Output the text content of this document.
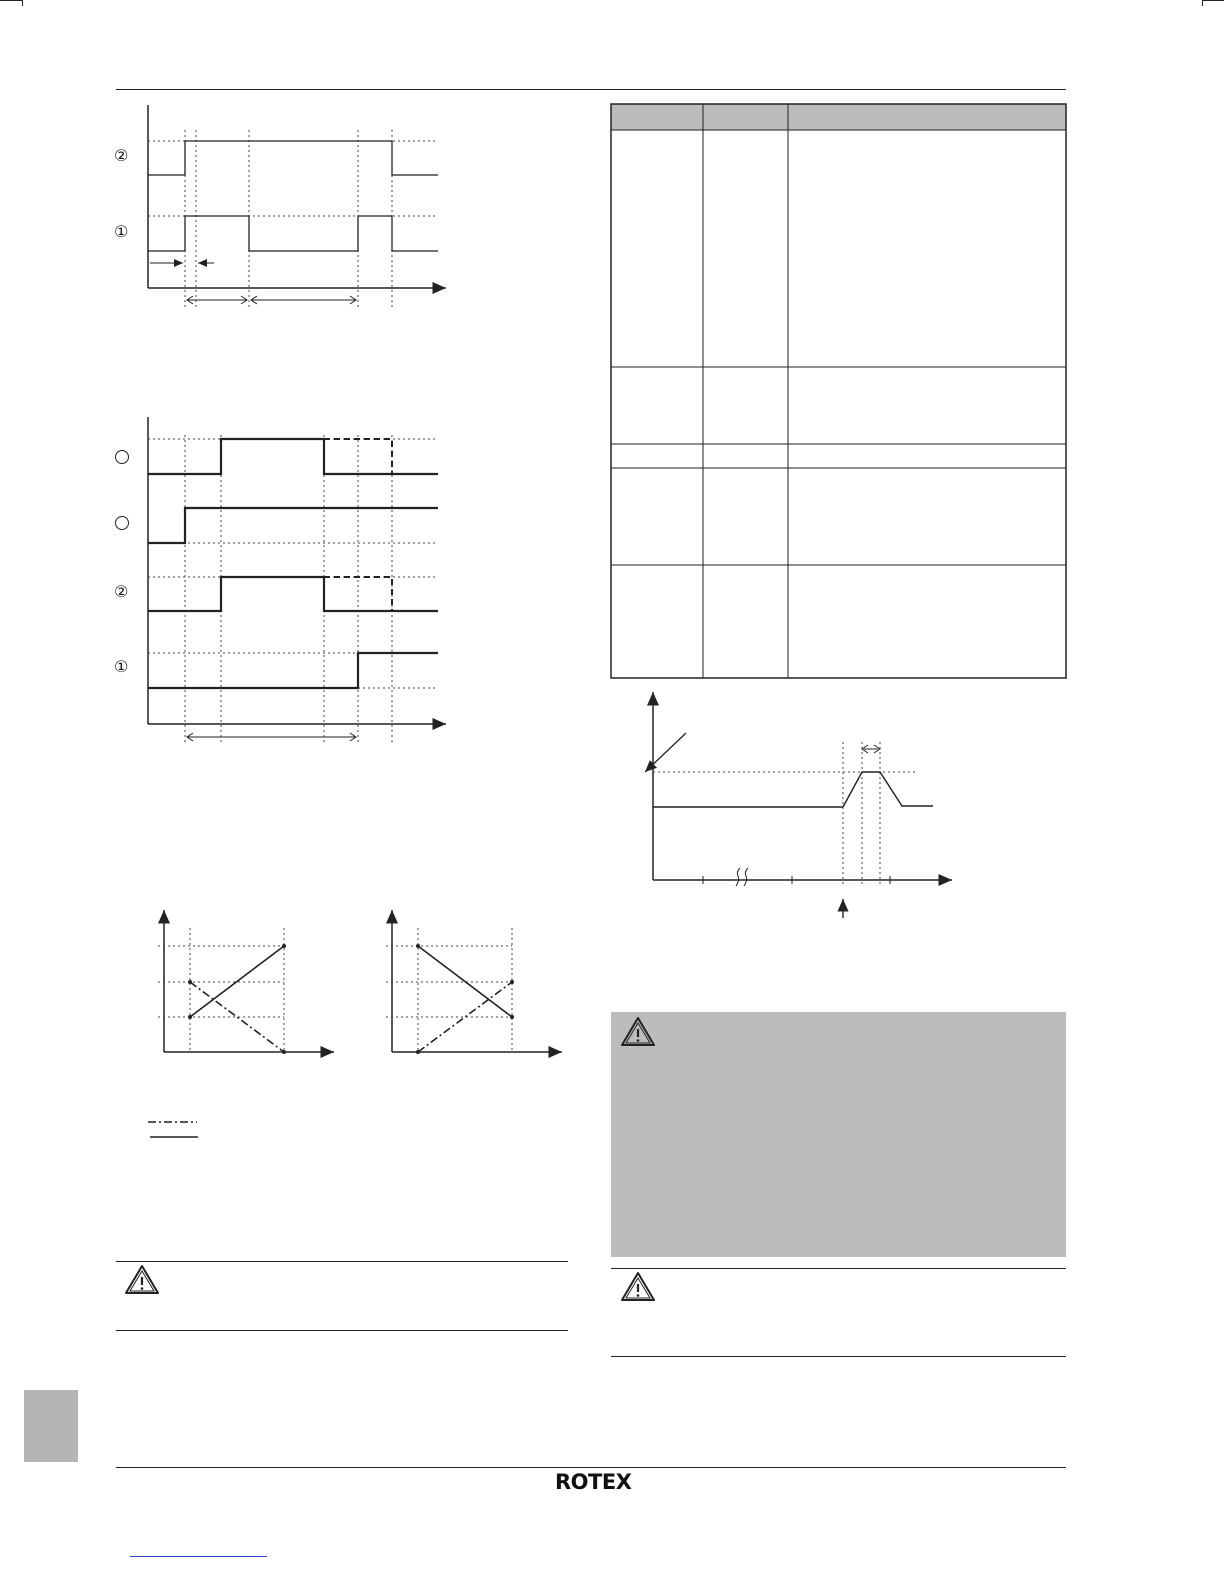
②
①
②
①
ROTEX
